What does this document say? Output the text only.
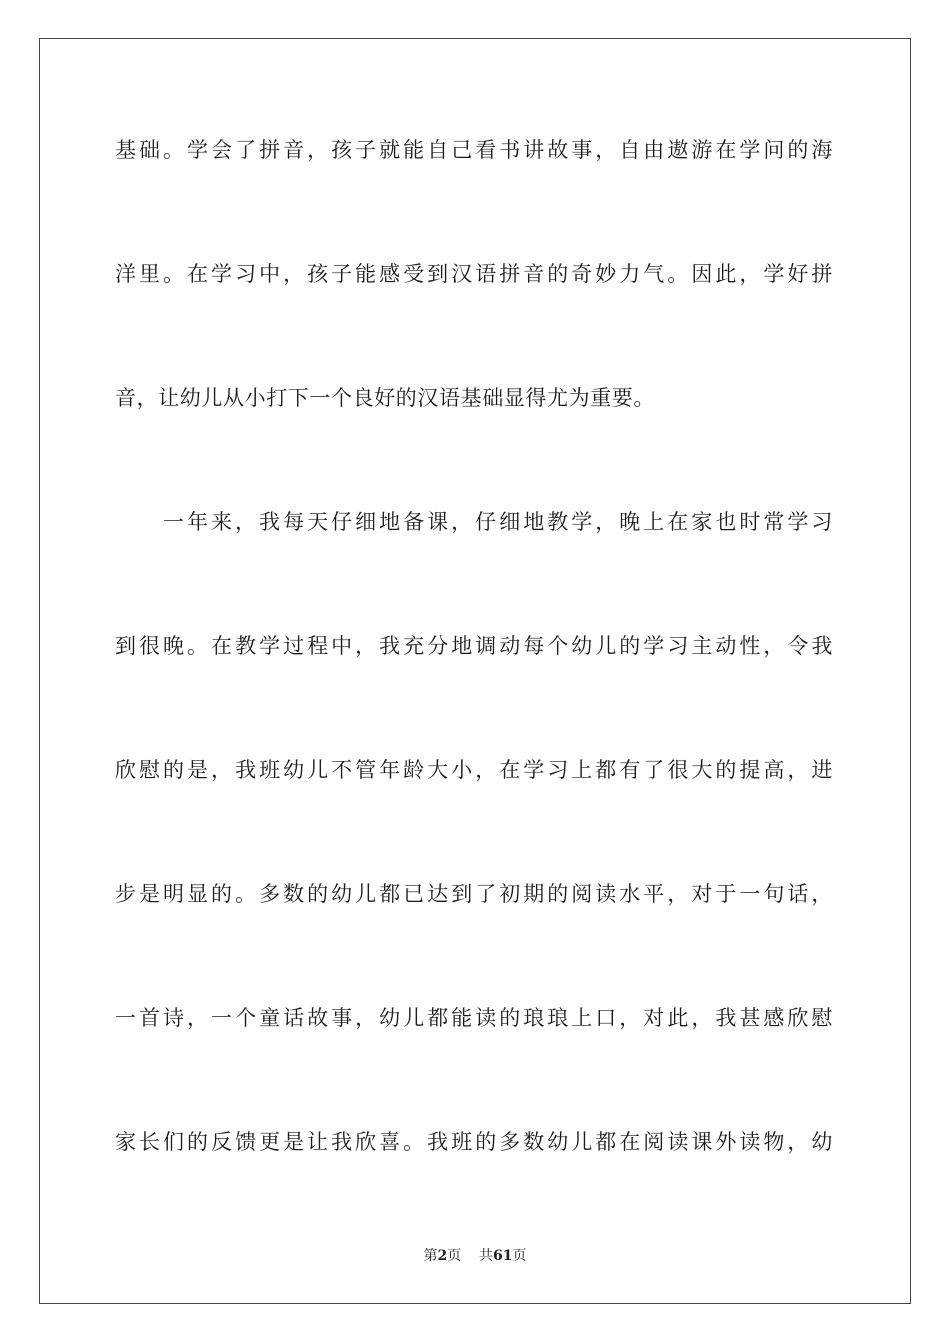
基础。学会了拼音，孩子就能自己看书讲故事，自由遨游在学问的海
洋里。在学习中，孩子能感受到汉语拼音的奇妙力气。因此，学好拼
音，让幼儿从小打下一个良好的汉语基础显得尤为重要。
一年来，我每天仔细地备课，仔细地教学，晚上在家也时常学习
到很晚。在教学过程中，我充分地调动每个幼儿的学习主动性，令我
欣慰的是，我班幼儿不管年龄大小，在学习上都有了很大的提高，进
步是明显的。多数的幼儿都已达到了初期的阅读水平，对于一句话，
一首诗，一个童话故事，幼儿都能读的琅琅上口，对此，我甚感欣慰
家长们的反馈更是让我欣喜。我班的多数幼儿都在阅读课外读物，幼
第2页 共61页
